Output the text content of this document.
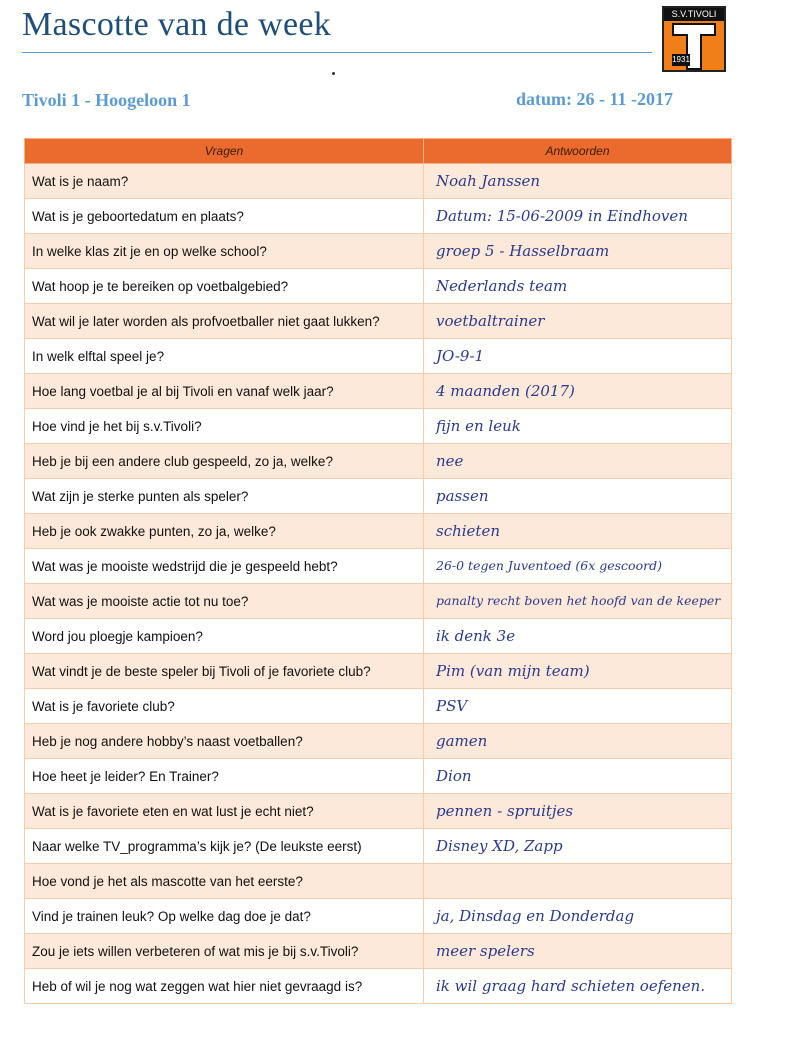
Mascotte van de week	S.V.TIVOLI
1931
Tivoli 1 - Hoogeloon 1	datum: 26 - 11 -2017
Vragen	Antwoorden
Wat is je naam?	Noah Janssen
Wat is je geboortedatum en plaats?	Datum: 15-06-2009 in Eindhoven
In welke klas zit je en op welke school?	groep 5 - Hasselbraam
Wat hoop je te bereiken op voetbalgebied?	Nederlands team
Wat wil je later worden als profvoetballer niet gaat lukken?	voetbaltrainer
In welk elftal speel je?	JO-9-1
Hoe lang voetbal je al bij Tivoli en vanaf welk jaar?	4 maanden (2017)
Hoe vind je het bij s.v.Tivoli?	fijn en leuk
Heb je bij een andere club gespeeld, zo ja, welke?	nee
Wat zijn je sterke punten als speler?	passen
Heb je ook zwakke punten, zo ja, welke?	schieten
Wat was je mooiste wedstrijd die je gespeeld hebt?	26-0 tegen Juventoed (6x gescoord)
Wat was je mooiste actie tot nu toe?	panalty recht boven het hoofd van de keeper
Word jou ploegje kampioen?	ik denk 3e
Wat vindt je de beste speler bij Tivoli of je favoriete club?	Pim (van mijn team)
Wat is je favoriete club?	PSV
Heb je nog andere hobby’s naast voetballen?	gamen
Hoe heet je leider? En Trainer?	Dion
Wat is je favoriete eten en wat lust je echt niet?	pennen - spruitjes
Naar welke TV_programma’s kijk je? (De leukste eerst)	Disney XD, Zapp
Hoe vond je het als mascotte van het eerste?	
Vind je trainen leuk? Op welke dag doe je dat?	ja, Dinsdag en Donderdag
Zou je iets willen verbeteren of wat mis je bij s.v.Tivoli?	meer spelers
Heb of wil je nog wat zeggen wat hier niet gevraagd is?	ik wil graag hard schieten oefenen.
